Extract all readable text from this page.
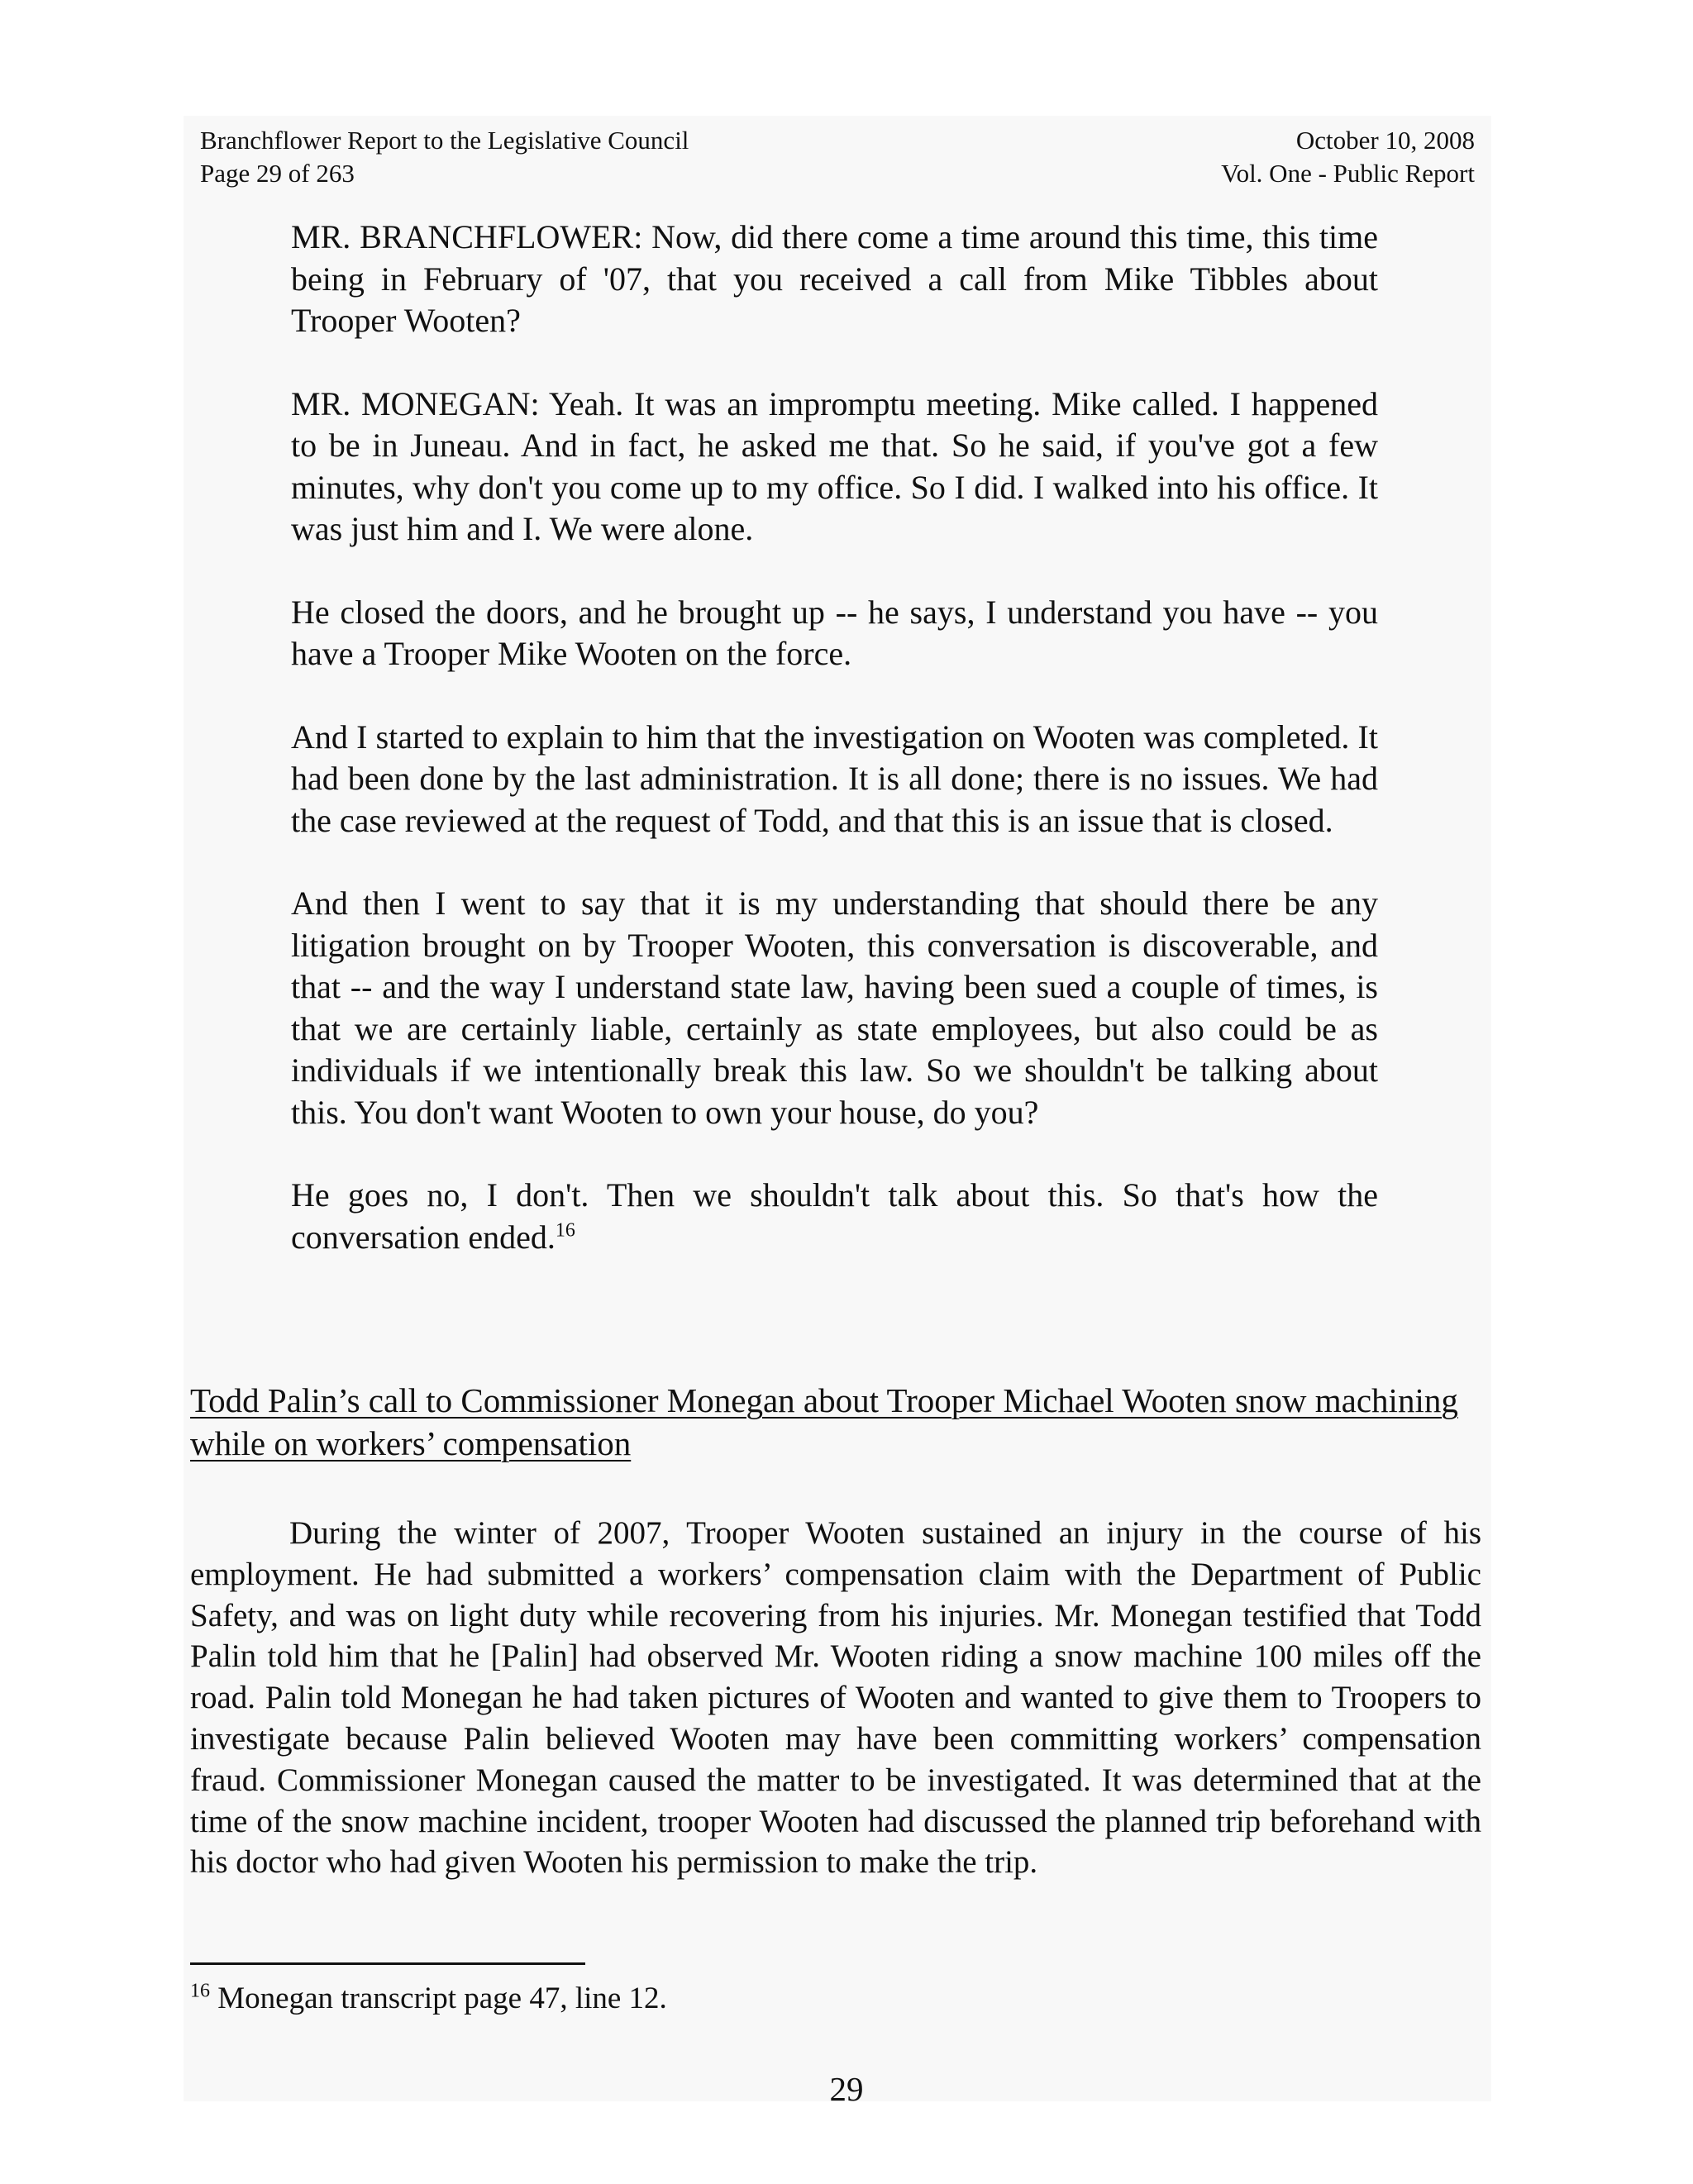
Branchflower Report to the Legislative Council
Page 29 of 263
October 10, 2008
Vol. One - Public Report

MR. BRANCHFLOWER: Now, did there come a time around this time, this time being in February of '07, that you received a call from Mike Tibbles about Trooper Wooten?

MR. MONEGAN: Yeah. It was an impromptu meeting. Mike called. I happened to be in Juneau. And in fact, he asked me that. So he said, if you've got a few minutes, why don't you come up to my office. So I did. I walked into his office. It was just him and I. We were alone.

He closed the doors, and he brought up -- he says, I understand you have -- you have a Trooper Mike Wooten on the force.

And I started to explain to him that the investigation on Wooten was completed. It had been done by the last administration. It is all done; there is no issues. We had the case reviewed at the request of Todd, and that this is an issue that is closed.

And then I went to say that it is my understanding that should there be any litigation brought on by Trooper Wooten, this conversation is discoverable, and that -- and the way I understand state law, having been sued a couple of times, is that we are certainly liable, certainly as state employees, but also could be as individuals if we intentionally break this law. So we shouldn't be talking about this. You don't want Wooten to own your house, do you?

He goes no, I don't. Then we shouldn't talk about this. So that's how the conversation ended.$^{16}$

Todd Palin’s call to Commissioner Monegan about Trooper Michael Wooten snow machining while on workers’ compensation
During the winter of 2007, Trooper Wooten sustained an injury in the course of his employment. He had submitted a workers’ compensation claim with the Department of Public Safety, and was on light duty while recovering from his injuries. Mr. Monegan testified that Todd Palin told him that he [Palin] had observed Mr. Wooten riding a snow machine 100 miles off the road. Palin told Monegan he had taken pictures of Wooten and wanted to give them to Troopers to investigate because Palin believed Wooten may have been committing workers’ compensation fraud. Commissioner Monegan caused the matter to be investigated. It was determined that at the time of the snow machine incident, trooper Wooten had discussed the planned trip beforehand with his doctor who had given Wooten his permission to make the trip.
$^{16}$ Monegan transcript page 47, line 12.
29
